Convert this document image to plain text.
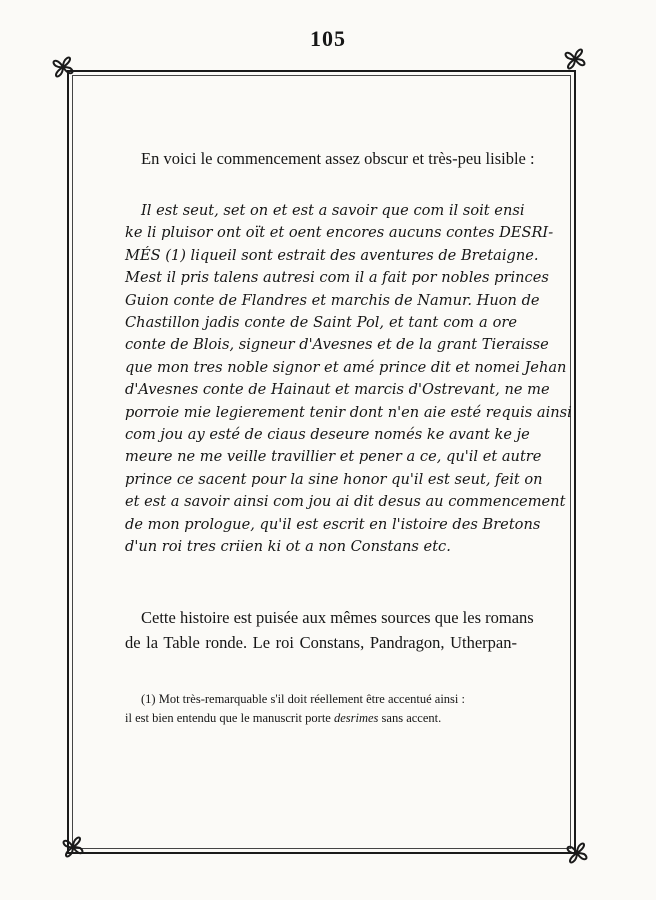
105

En voici le commencement assez obscur et très-peu lisible :

Il est seut, set on et est a savoir que com il soit ensi
ke li pluisor ont oït et oent encores aucuns contes DESRI-
MÉS (1) liqueil sont estrait des aventures de Bretaigne.
Mest il pris talens autresi com il a fait por nobles princes
Guion conte de Flandres et marchis de Namur. Huon de
Chastillon jadis conte de Saint Pol, et tant com a ore
conte de Blois, signeur d'Avesnes et de la grant Tieraisse
que mon tres noble signor et amé prince dit et nomei Jehan
d'Avesnes conte de Hainaut et marcis d'Ostrevant, ne me
porroie mie legierement tenir dont n'en aie esté requis ainsi
com jou ay esté de ciaus deseure només ke avant ke je
meure ne me veille travillier et pener a ce, qu'il et autre
prince ce sacent pour la sine honor qu'il est seut, feit on
et est a savoir ainsi com jou ai dit desus au commencement
de mon prologue, qu'il est escrit en l'istoire des Bretons
d'un roi tres criien ki ot a non Constans etc.
Cette histoire est puisée aux mêmes sources que les romans
de la Table ronde. Le roi Constans, Pandragon, Utherpan-
(1) Mot très-remarquable s'il doit réellement être accentué ainsi :
il est bien entendu que le manuscrit porte desrimes sans accent.
